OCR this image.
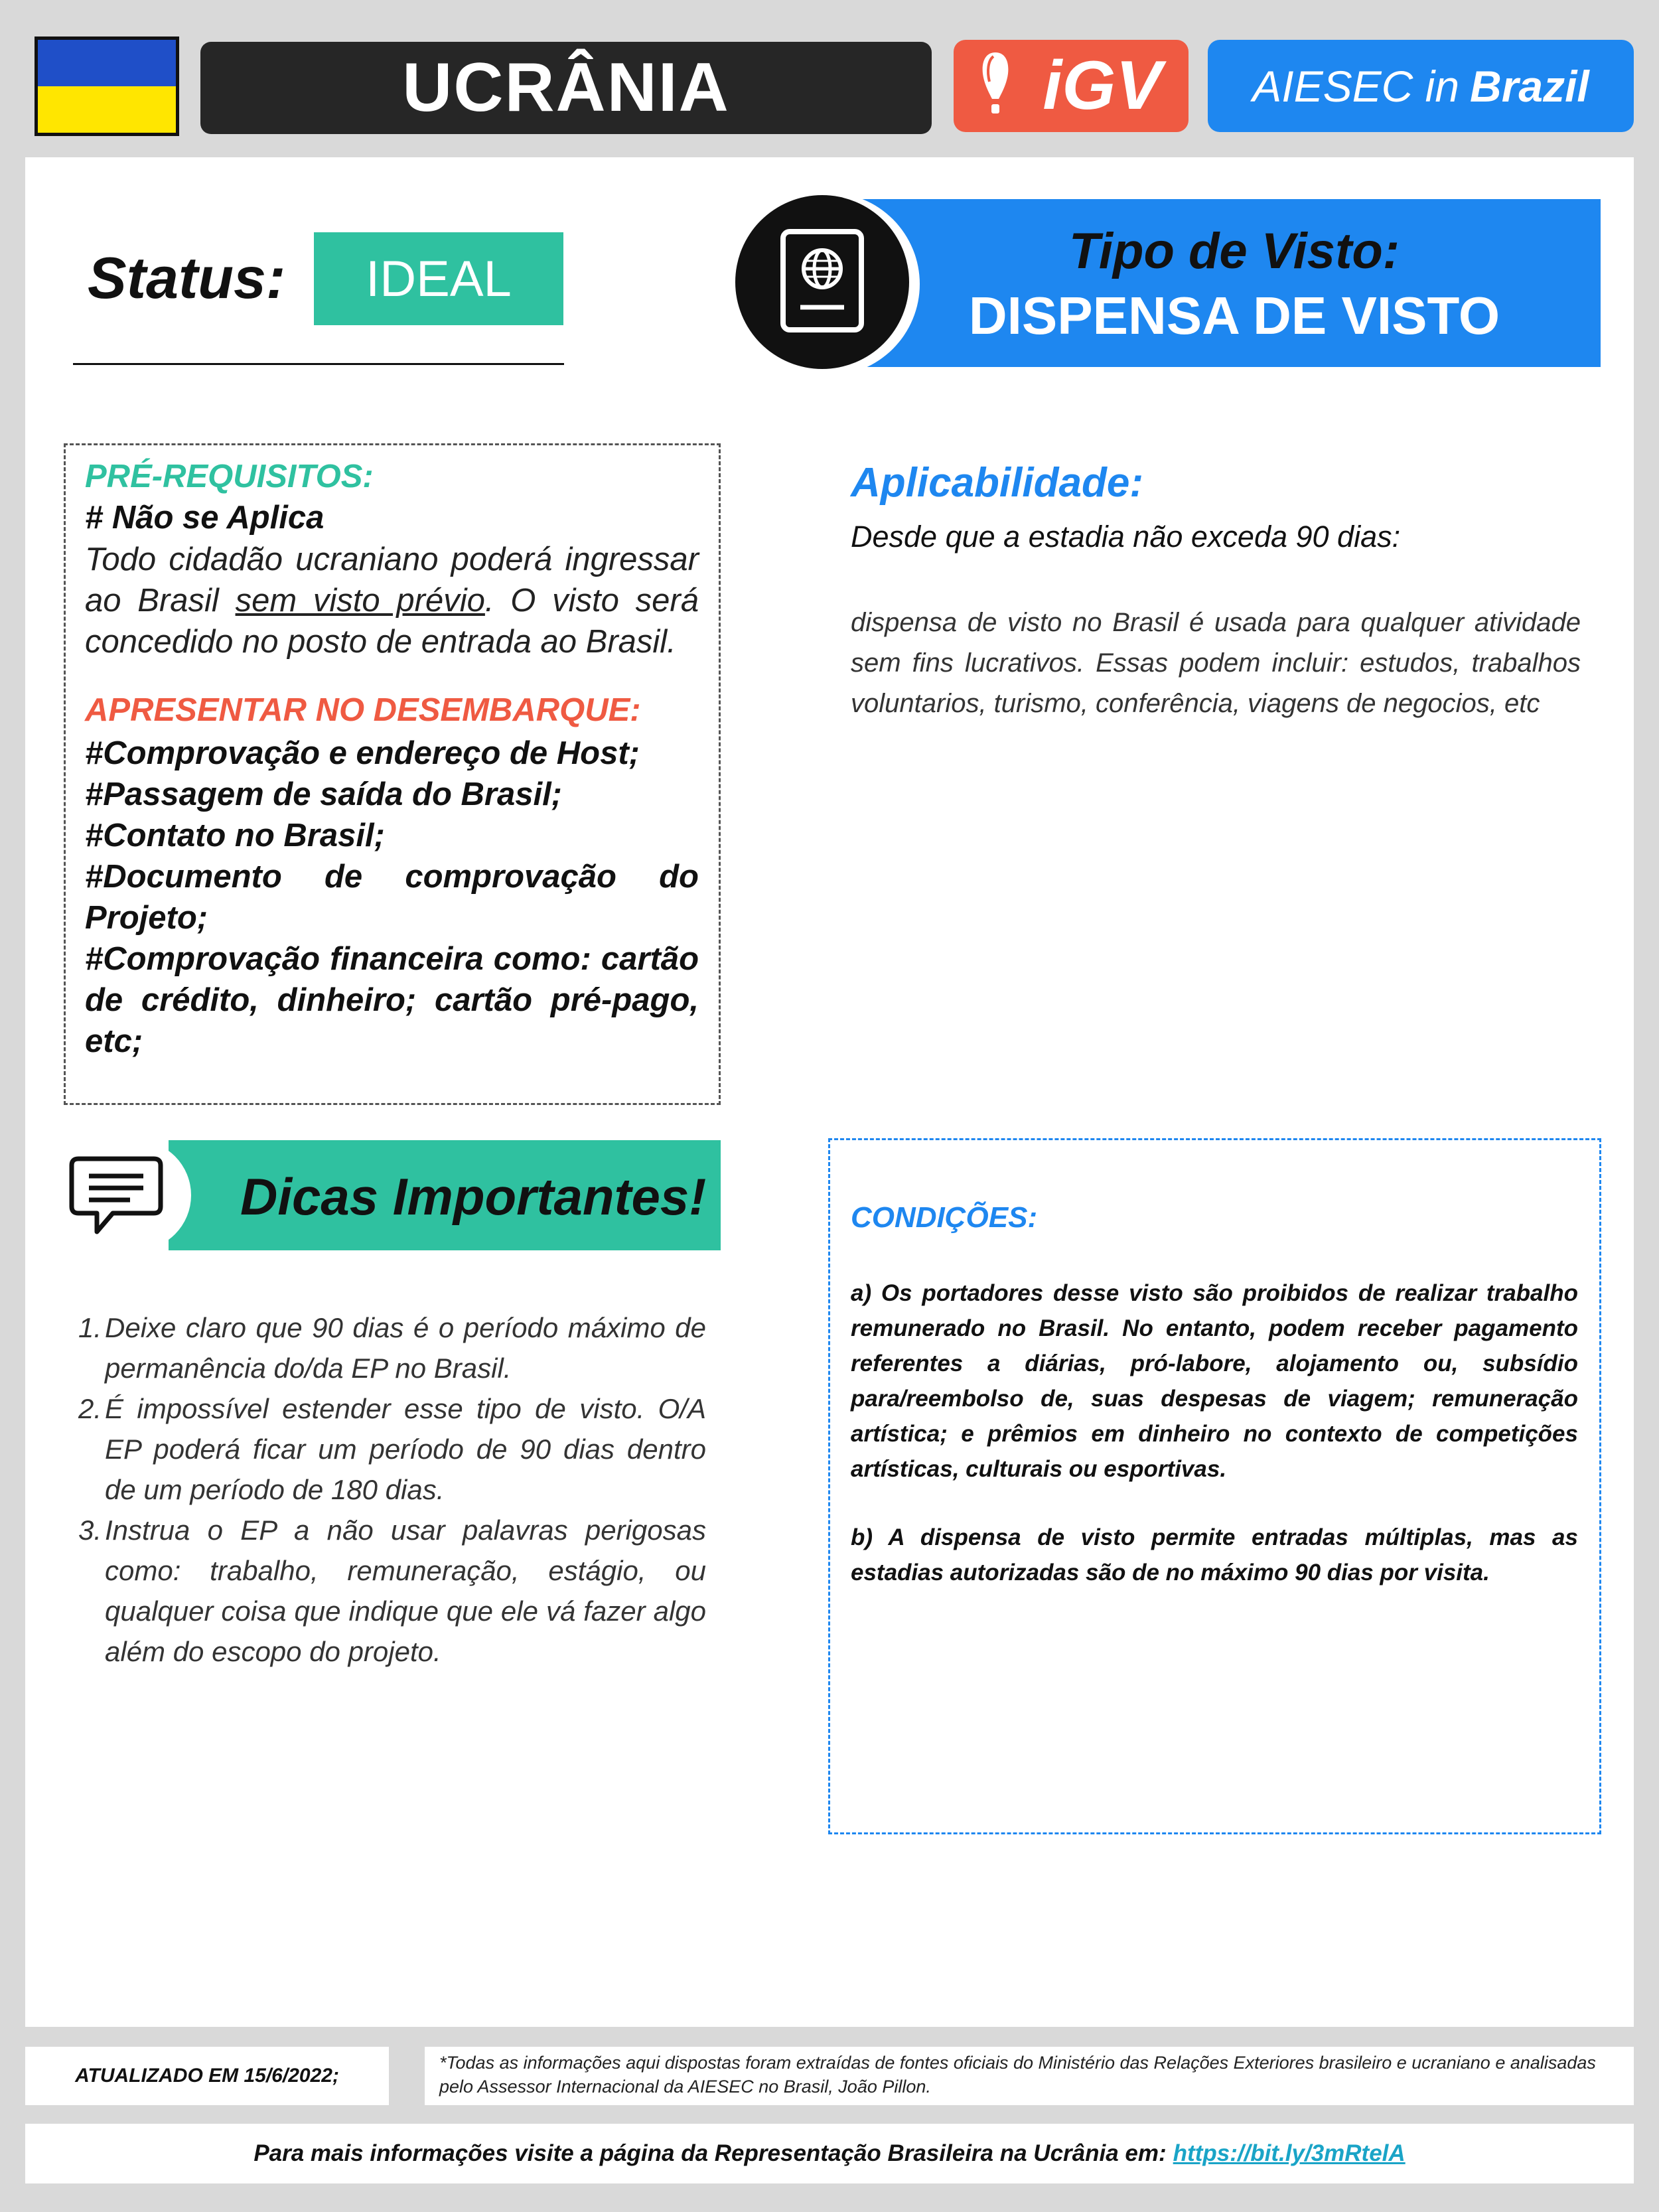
UCRÂNIA	iGV AIESEC in Brazil
Status:	IDEAL	Tipo de Visto:
DISPENSA DE VISTO
PRÉ-REQUISITOS:
# Não se Aplica
Todo cidadão ucraniano poderá ingressar ao Brasil sem visto prévio. O visto será concedido no posto de entrada ao Brasil.
APRESENTAR NO DESEMBARQUE:
#Comprovação e endereço de Host;
#Passagem de saída do Brasil;
#Contato no Brasil;
#Documento de comprovação do Projeto;
#Comprovação financeira como: cartão de crédito, dinheiro; cartão pré-pago, etc;
Aplicabilidade:
Desde que a estadia não exceda 90 dias:
dispensa de visto no Brasil é usada para qualquer atividade sem fins lucrativos. Essas podem incluir: estudos, trabalhos voluntarios, turismo, conferência, viagens de negocios, etc
Dicas Importantes!
1. Deixe claro que 90 dias é o período máximo de permanência do/da EP no Brasil.
2. É impossível estender esse tipo de visto. O/A EP poderá ficar um período de 90 dias dentro de um período de 180 dias.
3. Instrua o EP a não usar palavras perigosas como: trabalho, remuneração, estágio, ou qualquer coisa que indique que ele vá fazer algo além do escopo do projeto.
CONDIÇÕES:
a) Os portadores desse visto são proibidos de realizar trabalho remunerado no Brasil. No entanto, podem receber pagamento referentes a diárias, pró-labore, alojamento ou, subsídio para/reembolso de, suas despesas de viagem; remuneração artística; e prêmios em dinheiro no contexto de competições artísticas, culturais ou esportivas.
b) A dispensa de visto permite entradas múltiplas, mas as estadias autorizadas são de no máximo 90 dias por visita.
ATUALIZADO EM 15/6/2022;
*Todas as informações aqui dispostas foram extraídas de fontes oficiais do Ministério das Relações Exteriores brasileiro e ucraniano e analisadas pelo Assessor Internacional da AIESEC no Brasil, João Pillon.
Para mais informações visite a página da Representação Brasileira na Ucrânia em: https://bit.ly/3mRtelA
